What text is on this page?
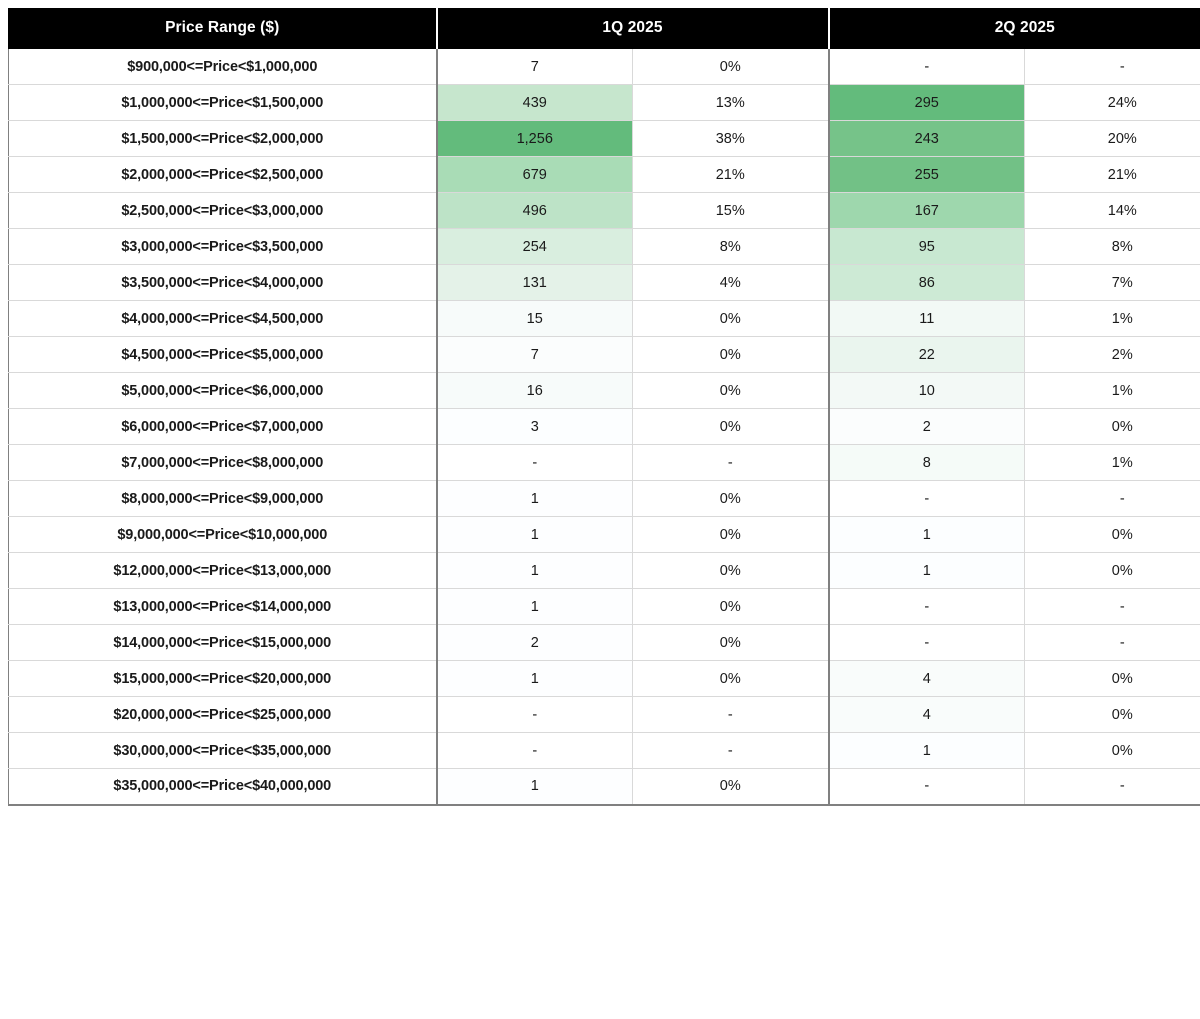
Price Range ($)	1Q 2025		2Q 2025	
$900,000<=Price<$1,000,000	7	0%	-	-
$1,000,000<=Price<$1,500,000	439	13%	295	24%
$1,500,000<=Price<$2,000,000	1,256	38%	243	20%
$2,000,000<=Price<$2,500,000	679	21%	255	21%
$2,500,000<=Price<$3,000,000	496	15%	167	14%
$3,000,000<=Price<$3,500,000	254	8%	95	8%
$3,500,000<=Price<$4,000,000	131	4%	86	7%
$4,000,000<=Price<$4,500,000	15	0%	11	1%
$4,500,000<=Price<$5,000,000	7	0%	22	2%
$5,000,000<=Price<$6,000,000	16	0%	10	1%
$6,000,000<=Price<$7,000,000	3	0%	2	0%
$7,000,000<=Price<$8,000,000	-	-	8	1%
$8,000,000<=Price<$9,000,000	1	0%	-	-
$9,000,000<=Price<$10,000,000	1	0%	1	0%
$12,000,000<=Price<$13,000,000	1	0%	1	0%
$13,000,000<=Price<$14,000,000	1	0%	-	-
$14,000,000<=Price<$15,000,000	2	0%	-	-
$15,000,000<=Price<$20,000,000	1	0%	4	0%
$20,000,000<=Price<$25,000,000	-	-	4	0%
$30,000,000<=Price<$35,000,000	-	-	1	0%
$35,000,000<=Price<$40,000,000	1	0%	-	-
